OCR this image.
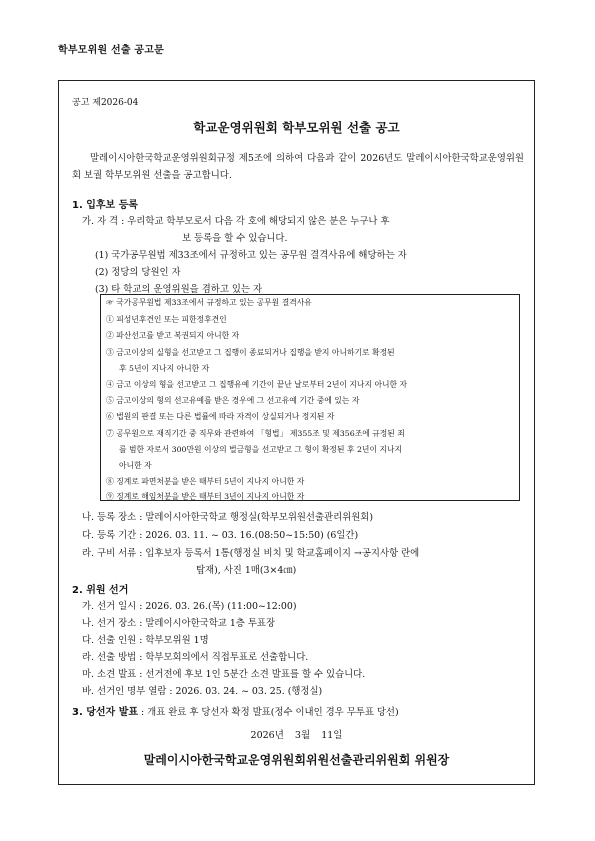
학부모위원 선출 공고문
공고 제2026-04
학교운영위원회 학부모위원 선출 공고

말레이시아한국학교운영위원회규정 제5조에 의하여 다음과 같이 2026년도 말레이시아한국학교운영위원회 보궐 학부모위원 선출을 공고합니다.

1. 입후보 등록
가. 자 격 : 우리학교 학부모로서 다음 각 호에 해당되지 않은 분은 누구나 후
보 등록을 할 수 있습니다.
(1) 국가공무원법 제33조에서 규정하고 있는 공무원 결격사유에 해당하는 자
(2) 정당의 당원인 자
(3) 타 학교의 운영위원을 겸하고 있는 자
☞ 국가공무원법 제33조에서 규정하고 있는 공무원 결격사유
① 피성년후견인 또는 피한정후견인
② 파산선고를 받고 복권되지 아니한 자
③ 금고이상의 실형을 선고받고 그 집행이 종료되거나 집행을 받지 아니하기로 확정된
후 5년이 지나지 아니한 자
④ 금고 이상의 형을 선고받고 그 집행유예 기간이 끝난 날로부터 2년이 지나지 아니한 자
⑤ 금고이상의 형의 선고유예를 받은 경우에 그 선고유예 기간 중에 있는 자
⑥ 법원의 판결 또는 다른 법률에 따라 자격이 상실되거나 정지된 자
⑦ 공무원으로 재직기간 중 직무와 관련하여 「형법」 제355조 및 제356조에 규정된 죄
를 범한 자로서 300만원 이상의 벌금형을 선고받고 그 형이 확정된 후 2년이 지나지
아니한 자
⑧ 징계로 파면처분을 받은 때부터 5년이 지나지 아니한 자
⑨ 징계로 해임처분을 받은 때부터 3년이 지나지 아니한 자
나. 등록 장소 : 말레이시아한국학교 행정실(학부모위원선출관리위원회)
다. 등록 기간 : 2026. 03. 11. ~ 03. 16.(08:50~15:50) (6일간)
라. 구비 서류 : 입후보자 등록서 1통(행정실 비치 및 학교홈페이지 →공지사항 란에
탑재), 사진 1매(3×4㎝)
2. 위원 선거
가. 선거 일시 : 2026. 03. 26.(목) (11:00~12:00)
나. 선거 장소 : 말레이시아한국학교 1층 투표장
다. 선출 인원 : 학부모위원 1명
라. 선출 방법 : 학부모회의에서 직접투표로 선출합니다.
마. 소견 발표 : 선거전에 후보 1인 5분간 소견 발표를 할 수 있습니다.
바. 선거인 명부 열람 : 2026. 03. 24. ~ 03. 25. (행정실)
3. 당선자 발표 : 개표 완료 후 당선자 확정 발표(정수 이내인 경우 무투표 당선)
2026년 3월 11일
말레이시아한국학교운영위원회위원선출관리위원회 위원장
